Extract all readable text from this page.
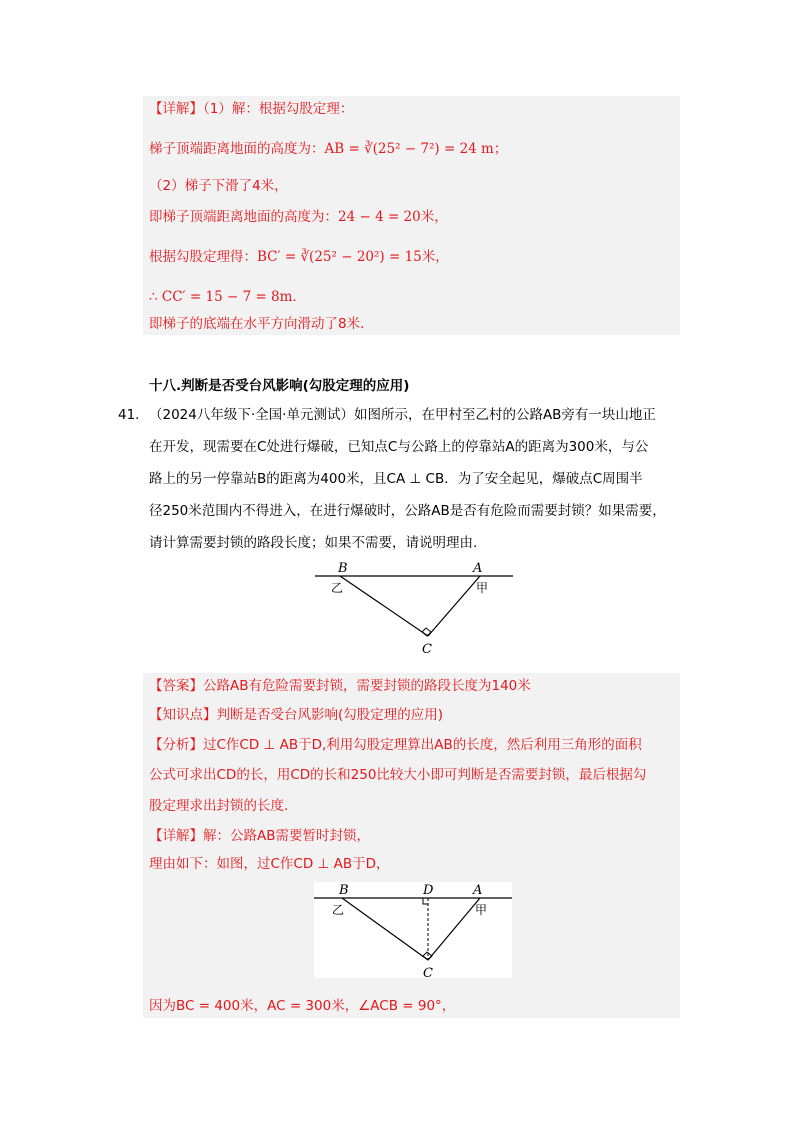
【详解】（1）解：根据勾股定理：
梯子顶端距离地面的高度为：AB = ∛(25² − 7²) = 24 m；
（2）梯子下滑了4米，
即梯子顶端距离地面的高度为：24 − 4 = 20米，
根据勾股定理得：BC′ = ∛(25² − 20²) = 15米，
∴ CC′ = 15 − 7 = 8m．
即梯子的底端在水平方向滑动了8米.
十八.判断是否受台风影响(勾股定理的应用)
41. （2024八年级下·全国·单元测试）如图所示，在甲村至乙村的公路AB旁有一块山地正
在开发，现需要在C处进行爆破，已知点C与公路上的停靠站A的距离为300米，与公
路上的另一停靠站B的距离为400米，且CA ⊥ CB．为了安全起见，爆破点C周围半
径250米范围内不得进入，在进行爆破时，公路AB是否有危险而需要封锁？如果需要，
请计算需要封锁的路段长度；如果不需要，请说明理由.
B	A
C
乙	甲
【答案】公路AB有危险需要封锁，需要封锁的路段长度为140米
【知识点】判断是否受台风影响(勾股定理的应用)
【分析】过C作CD ⊥ AB于D,利用勾股定理算出AB的长度，然后利用三角形的面积
公式可求出CD的长，用CD的长和250比较大小即可判断是否需要封锁，最后根据勾
股定理求出封锁的长度.
【详解】解：公路AB需要暂时封锁，
理由如下：如图，过C作CD ⊥ AB于D，
B	D	A
C
乙	甲
因为BC = 400米，AC = 300米，∠ACB = 90°，
